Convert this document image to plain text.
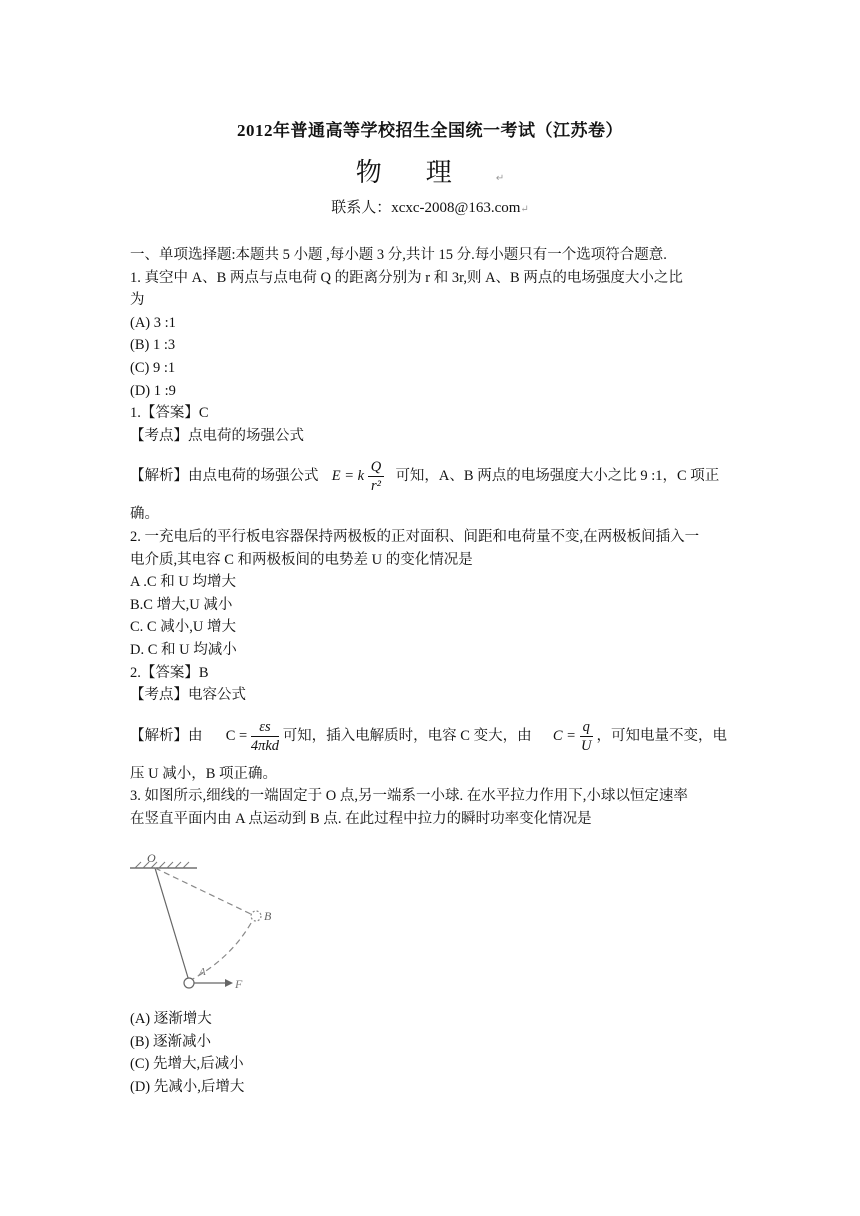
2012年普通高等学校招生全国统一考试（江苏卷）
物 理	↵
联系人：xcxc-2008@163.com↵
一、单项选择题:本题共 5 小题 ,每小题 3 分,共计 15 分.每小题只有一个选项符合题意.
1. 真空中 A、B 两点与点电荷 Q 的距离分别为 r 和 3r,则 A、B 两点的电场强度大小之比
为
(A) 3 :1
(B) 1 :3
(C) 9 :1
(D) 1 :9
1.【答案】C
【考点】点电荷的场强公式
【解析】由点电荷的场强公式 E = k $\frac{Q}{\text{r²}}$ 可知，A、B 两点的电场强度大小之比 9 :1，C 项正
确。
2. 一充电后的平行板电容器保持两极板的正对面积、间距和电荷量不变,在两极板间插入一
电介质,其电容 C 和两极板间的电势差 U 的变化情况是
A .C 和 U 均增大
B.C 增大,U 减小
C. C 减小,U 增大
D. C 和 U 均减小
2.【答案】B
【考点】电容公式
【解析】由 $C = \frac{\varepsilon s}{\text{4πkd}}$ 可知，插入电解质时，电容 C 变大，由 $C = \frac{q}{U}$ ，可知电量不变，电
压 U 减小，B 项正确。
3. 如图所示,细线的一端固定于 O 点,另一端系一小球. 在水平拉力作用下,小球以恒定速率
在竖直平面内由 A 点运动到 B 点. 在此过程中拉力的瞬时功率变化情况是
O
B
A
F
(A) 逐渐增大
(B) 逐渐减小
(C) 先增大,后减小
(D) 先减小,后增大
